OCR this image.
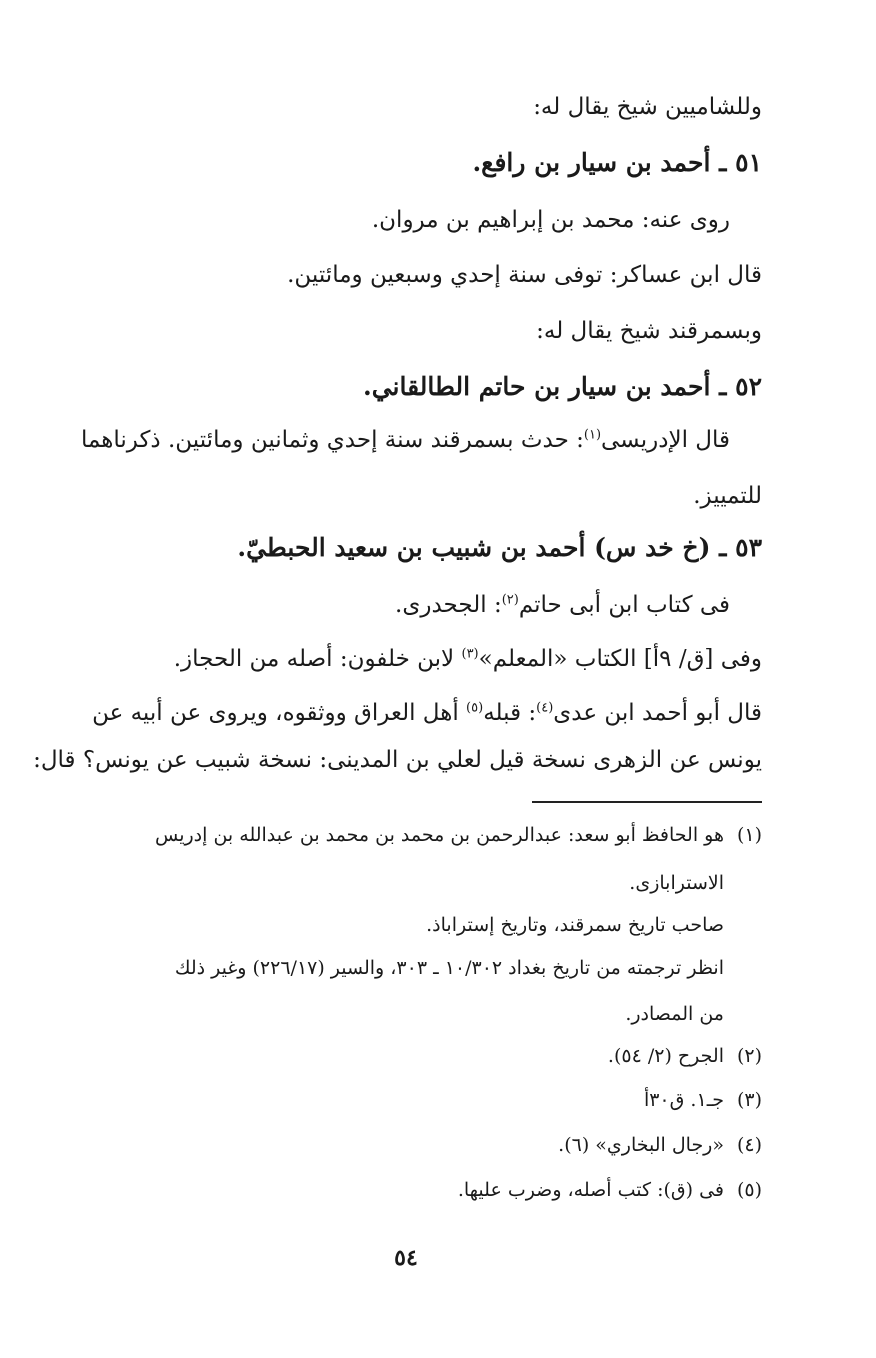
وللشاميين شيخ يقال له:
٥١ ـ أحمد بن سيار بن رافع.
روى عنه: محمد بن إبراهيم بن مروان.
قال ابن عساكر: توفى سنة إحدي وسبعين ومائتين.
وبسمرقند شيخ يقال له:
٥٢ ـ أحمد بن سيار بن حاتم الطالقاني.
قال الإدريسى$^{(١)}$: حدث بسمرقند سنة إحدي وثمانين ومائتين. ذكرناهما
للتمييز.
٥٣ ـ (خ خد س) أحمد بن شبيب بن سعيد الحبطيّ.
فى كتاب ابن أبى حاتم$^{(٢)}$: الجحدرى.
وفى [ق/ ٩أ] الكتاب «المعلم»$^{(٣)}$ لابن خلفون: أصله من الحجاز.
قال أبو أحمد ابن عدى$^{(٤)}$: قبله$^{(٥)}$ أهل العراق ووثقوه، ويروى عن أبيه عن
يونس عن الزهرى نسخة قيل لعلي بن المدينى: نسخة شبيب عن يونس؟ قال:
(١)هو الحافظ أبو سعد: عبدالرحمن بن محمد بن محمد بن عبدالله بن إدريس
الاسترابازى.
صاحب تاريخ سمرقند، وتاريخ إستراباذ.
انظر ترجمته من تاريخ بغداد ١٠/٣٠٢ ـ ٣٠٣، والسير (٢٢٦/١٧) وغير ذلك
من المصادر.
(٢)الجرح (٢/ ٥٤).
(٣)جـ١. ق٣٠أ
(٤)«رجال البخاري» (٦).
(٥)فى (ق): كتب أصله، وضرب عليها.
٥٤
